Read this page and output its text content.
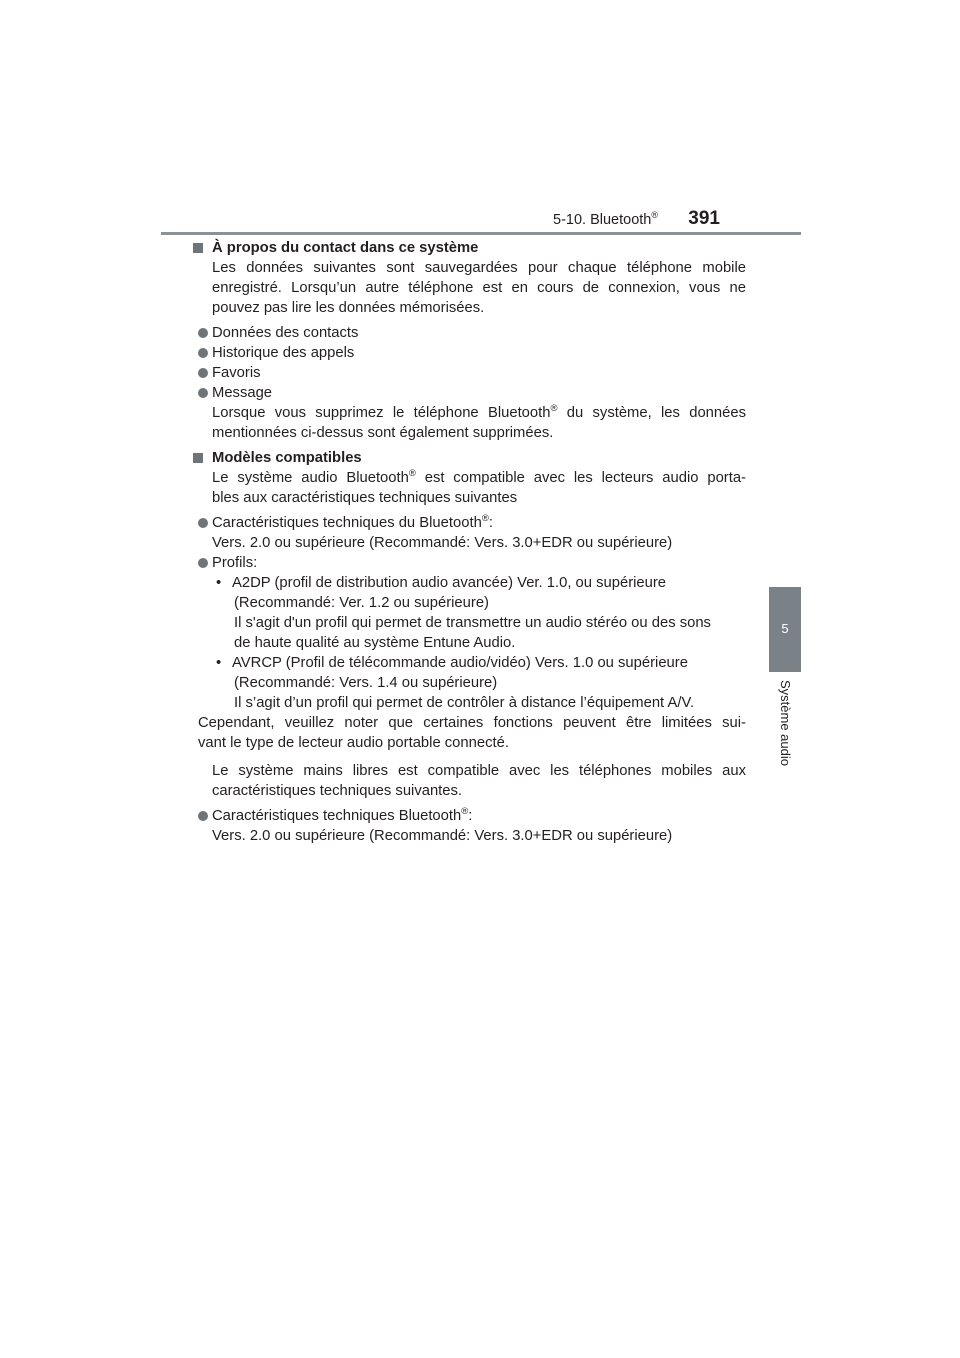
5-10. Bluetooth® 391
5
Système audio

À propos du contact dans ce système

Les données suivantes sont sauvegardées pour chaque téléphone mobile
enregistré. Lorsqu’un autre téléphone est en cours de connexion, vous ne
pouvez pas lire les données mémorisées.

Données des contacts

Historique des appels

Favoris

Message

Lorsque vous supprimez le téléphone Bluetooth® du système, les données
mentionnées ci-dessus sont également supprimées.

Modèles compatibles

Le système audio Bluetooth® est compatible avec les lecteurs audio porta-
bles aux caractéristiques techniques suivantes

Caractéristiques techniques du Bluetooth®:
Vers. 2.0 ou supérieure (Recommandé: Vers. 3.0+EDR ou supérieure)

Profils:

• A2DP (profil de distribution audio avancée) Ver. 1.0, ou supérieure
(Recommandé: Ver. 1.2 ou supérieure)
Il s'agit d'un profil qui permet de transmettre un audio stéréo ou des sons
de haute qualité au système Entune Audio.
• AVRCP (Profil de télécommande audio/vidéo) Vers. 1.0 ou supérieure
(Recommandé: Vers. 1.4 ou supérieure)
Il s’agit d’un profil qui permet de contrôler à distance l’équipement A/V.

Cependant, veuillez noter que certaines fonctions peuvent être limitées sui-
vant le type de lecteur audio portable connecté.

Le système mains libres est compatible avec les téléphones mobiles aux
caractéristiques techniques suivantes.

Caractéristiques techniques Bluetooth®:
Vers. 2.0 ou supérieure (Recommandé: Vers. 3.0+EDR ou supérieure)
